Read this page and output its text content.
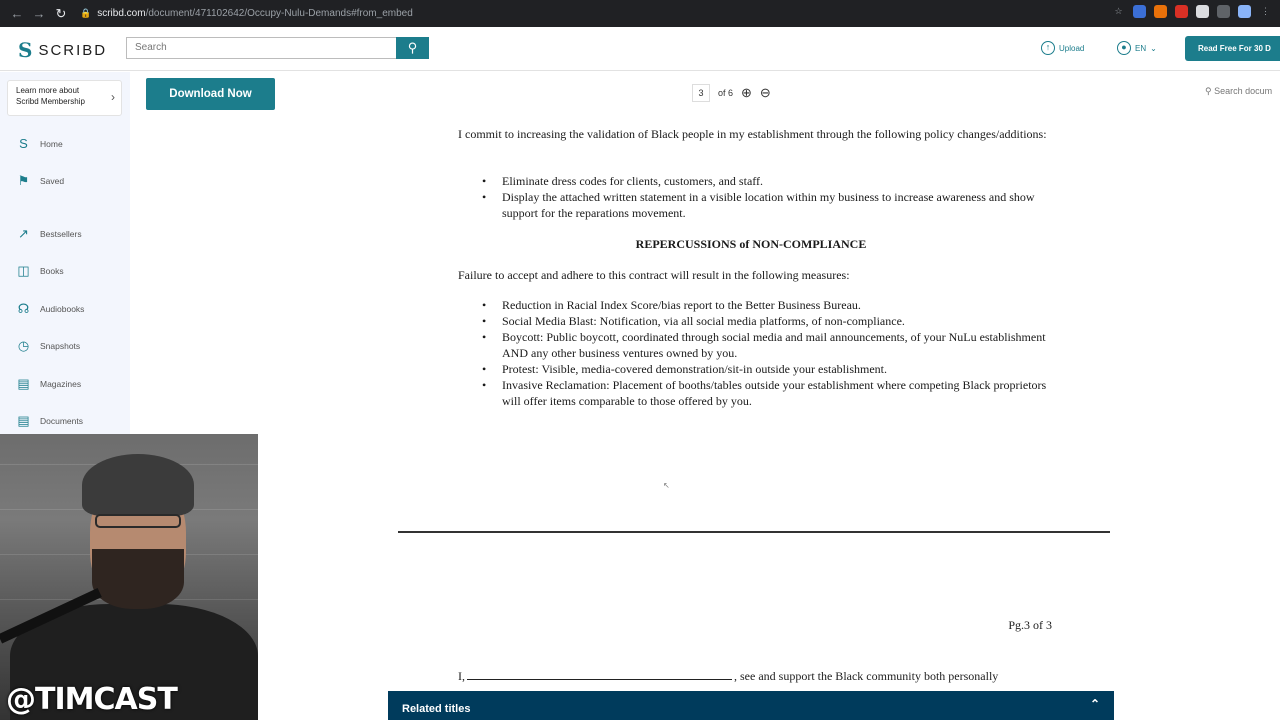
← → ↻	🔒 scribd.com /document/471102642/Occupy-Nulu-Demands#from_embed	☆	⋮
S SCRIBD	Search	⚲	↑	Upload	●	EN ⌄	Read Free For 30 D
Learn more about
Scribd Membership	›
S	Home
⚑ Saved
↗ Bestsellers
◫ Books
☊ Audiobooks
◷ Snapshots
▤ Magazines
▤ Documents
Download Now	3	of 6 ⊕ ⊖	⚲ Search docum

I commit to increasing the validation of Black people in my establishment through the following policy changes/additions:

• Eliminate dress codes for clients, customers, and staff.
• Display the attached written statement in a visible location within my business to increase awareness and show support for the reparations movement.
REPERCUSSIONS of NON-COMPLIANCE

Failure to accept and adhere to this contract will result in the following measures:

• Reduction in Racial Index Score/bias report to the Better Business Bureau.
• Social Media Blast: Notification, via all social media platforms, of non-compliance.
• Boycott: Public boycott, coordinated through social media and mail announcements, of your NuLu establishment AND any other business ventures owned by you.
• Protest: Visible, media-covered demonstration/sit-in outside your establishment.
• Invasive Reclamation: Placement of booths/tables outside your establishment where competing Black proprietors will offer items comparable to those offered by you.
Pg.3 of 3
I,	, see and support the Black community both personally
↖
Related titles	⌃
@TIMCAST
